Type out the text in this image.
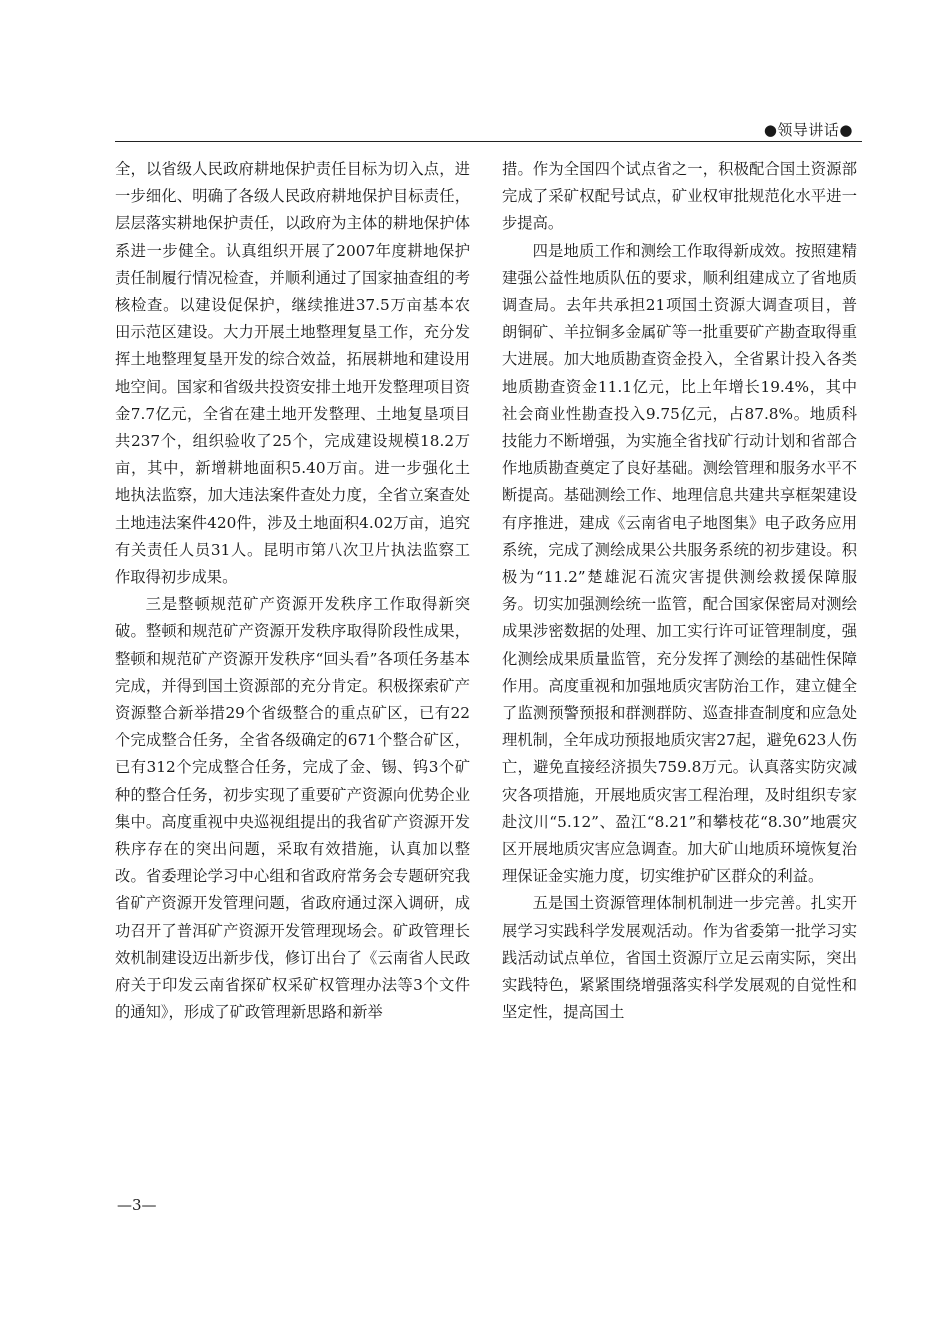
●领导讲话●

全，以省级人民政府耕地保护责任目标为切入点，进一步细化、明确了各级人民政府耕地保护目标责任，层层落实耕地保护责任，以政府为主体的耕地保护体系进一步健全。认真组织开展了2007年度耕地保护责任制履行情况检查，并顺利通过了国家抽查组的考核检查。以建设促保护，继续推进37.5万亩基本农田示范区建设。大力开展土地整理复垦工作，充分发挥土地整理复垦开发的综合效益，拓展耕地和建设用地空间。国家和省级共投资安排土地开发整理项目资金7.7亿元，全省在建土地开发整理、土地复垦项目共237个，组织验收了25个，完成建设规模18.2万亩，其中，新增耕地面积5.40万亩。进一步强化土地执法监察，加大违法案件查处力度，全省立案查处土地违法案件420件，涉及土地面积4.02万亩，追究有关责任人员31人。昆明市第八次卫片执法监察工作取得初步成果。

三是整顿规范矿产资源开发秩序工作取得新突破。整顿和规范矿产资源开发秩序取得阶段性成果，整顿和规范矿产资源开发秩序“回头看”各项任务基本完成，并得到国土资源部的充分肯定。积极探索矿产资源整合新举措29个省级整合的重点矿区，已有22个完成整合任务，全省各级确定的671个整合矿区，已有312个完成整合任务，完成了金、锡、钨3个矿种的整合任务，初步实现了重要矿产资源向优势企业集中。高度重视中央巡视组提出的我省矿产资源开发秩序存在的突出问题，采取有效措施，认真加以整改。省委理论学习中心组和省政府常务会专题研究我省矿产资源开发管理问题，省政府通过深入调研，成功召开了普洱矿产资源开发管理现场会。矿政管理长效机制建设迈出新步伐，修订出台了《云南省人民政府关于印发云南省探矿权采矿权管理办法等3个文件的通知》，形成了矿政管理新思路和新举

措。作为全国四个试点省之一，积极配合国土资源部完成了采矿权配号试点，矿业权审批规范化水平进一步提高。

四是地质工作和测绘工作取得新成效。按照建精建强公益性地质队伍的要求，顺利组建成立了省地质调查局。去年共承担21项国土资源大调查项目，普朗铜矿、羊拉铜多金属矿等一批重要矿产勘查取得重大进展。加大地质勘查资金投入，全省累计投入各类地质勘查资金11.1亿元，比上年增长19.4%，其中社会商业性勘查投入9.75亿元，占87.8%。地质科技能力不断增强，为实施全省找矿行动计划和省部合作地质勘查奠定了良好基础。测绘管理和服务水平不断提高。基础测绘工作、地理信息共建共享框架建设有序推进，建成《云南省电子地图集》电子政务应用系统，完成了测绘成果公共服务系统的初步建设。积极为“11.2”楚雄泥石流灾害提供测绘救援保障服务。切实加强测绘统一监管，配合国家保密局对测绘成果涉密数据的处理、加工实行许可证管理制度，强化测绘成果质量监管，充分发挥了测绘的基础性保障作用。高度重视和加强地质灾害防治工作，建立健全了监测预警预报和群测群防、巡查排查制度和应急处理机制，全年成功预报地质灾害27起，避免623人伤亡，避免直接经济损失759.8万元。认真落实防灾减灾各项措施，开展地质灾害工程治理，及时组织专家赴汶川“5.12”、盈江“8.21”和攀枝花“8.30”地震灾区开展地质灾害应急调查。加大矿山地质环境恢复治理保证金实施力度，切实维护矿区群众的利益。

五是国土资源管理体制机制进一步完善。扎实开展学习实践科学发展观活动。作为省委第一批学习实践活动试点单位，省国土资源厅立足云南实际，突出实践特色，紧紧围绕增强落实科学发展观的自觉性和坚定性，提高国土

—3—
